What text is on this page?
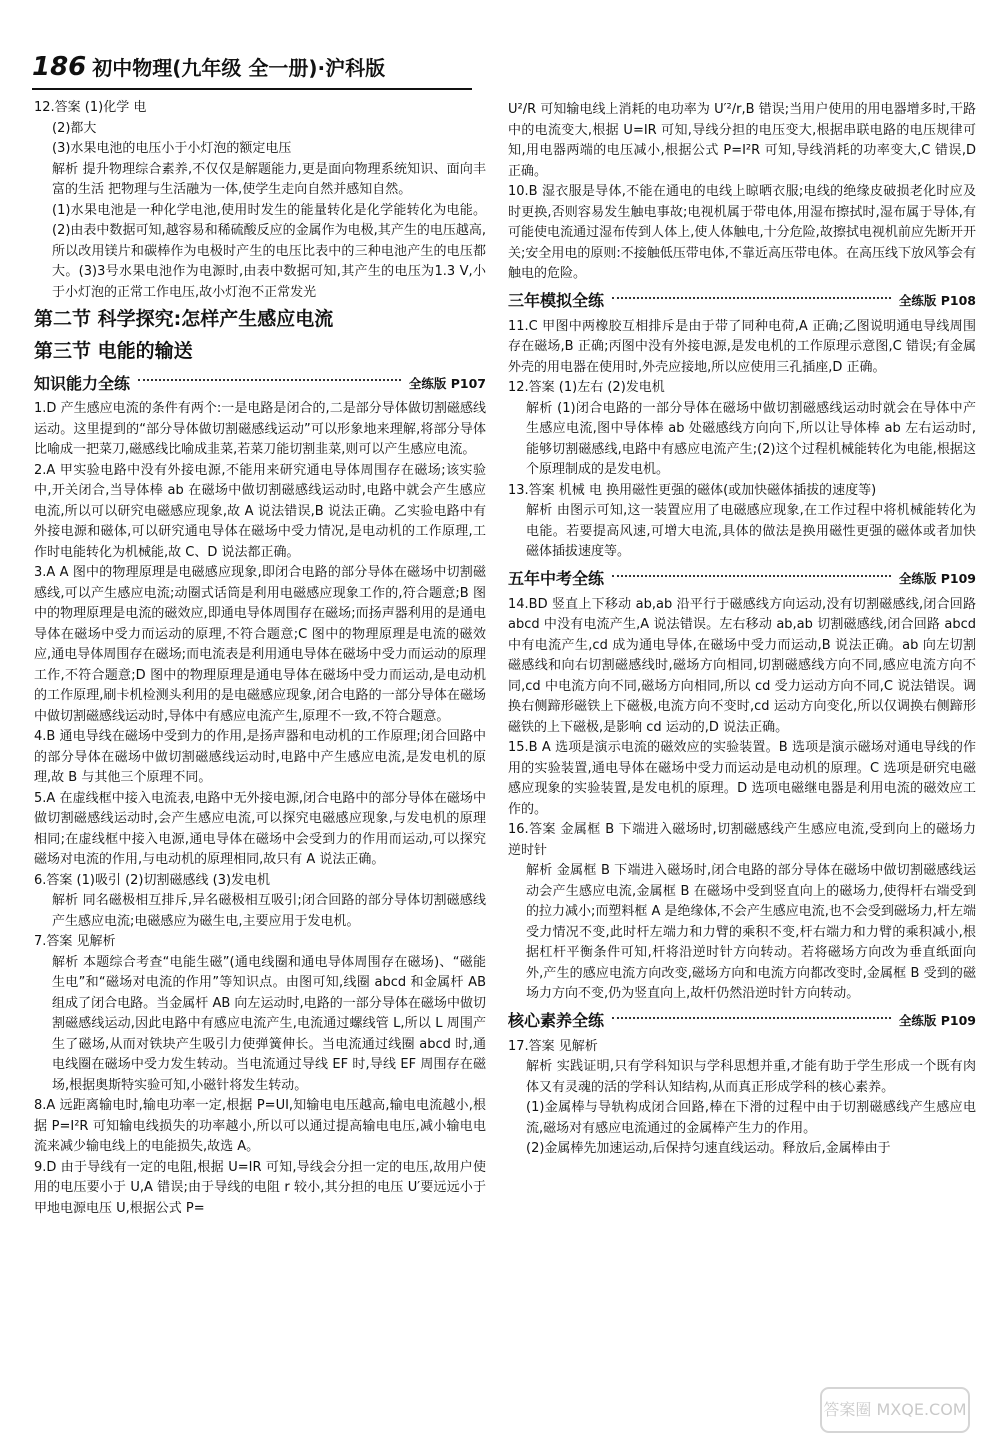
186 初中物理(九年级 全一册)·沪科版

12.答案 (1)化学 电

(2)都大

(3)水果电池的电压小于小灯泡的额定电压

解析 提升物理综合素养,不仅仅是解题能力,更是面向物理系统知识、面向丰富的生活 把物理与生活融为一体,使学生走向自然并感知自然。

(1)水果电池是一种化学电池,使用时发生的能量转化是化学能转化为电能。(2)由表中数据可知,越容易和稀硫酸反应的金属作为电极,其产生的电压越高,所以改用镁片和碳棒作为电极时产生的电压比表中的三种电池产生的电压都大。(3)3号水果电池作为电源时,由表中数据可知,其产生的电压为1.3 V,小于小灯泡的正常工作电压,故小灯泡不正常发光

第二节 科学探究:怎样产生感应电流

第三节 电能的输送

知识能力全练	全练版 P107

1.D 产生感应电流的条件有两个:一是电路是闭合的,二是部分导体做切割磁感线运动。这里提到的“部分导体做切割磁感线运动”可以形象地来理解,将部分导体比喻成一把菜刀,磁感线比喻成韭菜,若菜刀能切割韭菜,则可以产生感应电流。

2.A 甲实验电路中没有外接电源,不能用来研究通电导体周围存在磁场;该实验中,开关闭合,当导体棒 ab 在磁场中做切割磁感线运动时,电路中就会产生感应电流,所以可以研究电磁感应现象,故 A 说法错误,B 说法正确。乙实验电路中有外接电源和磁体,可以研究通电导体在磁场中受力情况,是电动机的工作原理,工作时电能转化为机械能,故 C、D 说法都正确。

3.A A 图中的物理原理是电磁感应现象,即闭合电路的部分导体在磁场中切割磁感线,可以产生感应电流;动圈式话筒是利用电磁感应现象工作的,符合题意;B 图中的物理原理是电流的磁效应,即通电导体周围存在磁场;而扬声器利用的是通电导体在磁场中受力而运动的原理,不符合题意;C 图中的物理原理是电流的磁效应,通电导体周围存在磁场;而电流表是利用通电导体在磁场中受力而运动的原理工作,不符合题意;D 图中的物理原理是通电导体在磁场中受力而运动,是电动机的工作原理,刷卡机检测头利用的是电磁感应现象,闭合电路的一部分导体在磁场中做切割磁感线运动时,导体中有感应电流产生,原理不一致,不符合题意。

4.B 通电导线在磁场中受到力的作用,是扬声器和电动机的工作原理;闭合回路中的部分导体在磁场中做切割磁感线运动时,电路中产生感应电流,是发电机的原理,故 B 与其他三个原理不同。

5.A 在虚线框中接入电流表,电路中无外接电源,闭合电路中的部分导体在磁场中做切割磁感线运动时,会产生感应电流,可以探究电磁感应现象,与发电机的原理相同;在虚线框中接入电源,通电导体在磁场中会受到力的作用而运动,可以探究磁场对电流的作用,与电动机的原理相同,故只有 A 说法正确。

6.答案 (1)吸引 (2)切割磁感线 (3)发电机

解析 同名磁极相互排斥,异名磁极相互吸引;闭合回路的部分导体切割磁感线产生感应电流;电磁感应为磁生电,主要应用于发电机。

7.答案 见解析

解析 本题综合考查“电能生磁”(通电线圈和通电导体周围存在磁场)、“磁能生电”和“磁场对电流的作用”等知识点。由图可知,线圈 abcd 和金属杆 AB 组成了闭合电路。当金属杆 AB 向左运动时,电路的一部分导体在磁场中做切割磁感线运动,因此电路中有感应电流产生,电流通过螺线管 L,所以 L 周围产生了磁场,从而对铁块产生吸引力使弹簧伸长。当电流通过线圈 abcd 时,通电线圈在磁场中受力发生转动。当电流通过导线 EF 时,导线 EF 周围存在磁场,根据奥斯特实验可知,小磁针将发生转动。

8.A 远距离输电时,输电功率一定,根据 P=UI,知输电电压越高,输电电流越小,根据 P=I²R 可知输电线损失的功率越小,所以可以通过提高输电电压,减小输电电流来减少输电线上的电能损失,故选 A。

9.D 由于导线有一定的电阻,根据 U=IR 可知,导线会分担一定的电压,故用户使用的电压要小于 U,A 错误;由于导线的电阻 r 较小,其分担的电压 U′要远远小于甲地电源电压 U,根据公式 P=

U²/R 可知输电线上消耗的电功率为 U′²/r,B 错误;当用户使用的用电器增多时,干路中的电流变大,根据 U=IR 可知,导线分担的电压变大,根据串联电路的电压规律可知,用电器两端的电压减小,根据公式 P=I²R 可知,导线消耗的功率变大,C 错误,D 正确。

10.B 湿衣服是导体,不能在通电的电线上晾晒衣服;电线的绝缘皮破损老化时应及时更换,否则容易发生触电事故;电视机属于带电体,用湿布擦拭时,湿布属于导体,有可能使电流通过湿布传到人体上,使人体触电,十分危险,故擦拭电视机前应先断开开关;安全用电的原则:不接触低压带电体,不靠近高压带电体。在高压线下放风筝会有触电的危险。

三年模拟全练	全练版 P108

11.C 甲图中两橡胶互相排斥是由于带了同种电荷,A 正确;乙图说明通电导线周围存在磁场,B 正确;丙图中没有外接电源,是发电机的工作原理示意图,C 错误;有金属外壳的用电器在使用时,外壳应接地,所以应使用三孔插座,D 正确。

12.答案 (1)左右 (2)发电机

解析 (1)闭合电路的一部分导体在磁场中做切割磁感线运动时就会在导体中产生感应电流,图中导体棒 ab 处磁感线方向向下,所以让导体棒 ab 左右运动时,能够切割磁感线,电路中有感应电流产生;(2)这个过程机械能转化为电能,根据这个原理制成的是发电机。

13.答案 机械 电 换用磁性更强的磁体(或加快磁体插拔的速度等)

解析 由图示可知,这一装置应用了电磁感应现象,在工作过程中将机械能转化为电能。若要提高风速,可增大电流,具体的做法是换用磁性更强的磁体或者加快磁体插拔速度等。

五年中考全练	全练版 P109

14.BD 竖直上下移动 ab,ab 沿平行于磁感线方向运动,没有切割磁感线,闭合回路 abcd 中没有电流产生,A 说法错误。左右移动 ab,ab 切割磁感线,闭合回路 abcd 中有电流产生,cd 成为通电导体,在磁场中受力而运动,B 说法正确。ab 向左切割磁感线和向右切割磁感线时,磁场方向相同,切割磁感线方向不同,感应电流方向不同,cd 中电流方向不同,磁场方向相同,所以 cd 受力运动方向不同,C 说法错误。调换右侧蹄形磁铁上下磁极,电流方向不变时,cd 运动方向变化,所以仅调换右侧蹄形磁铁的上下磁极,是影响 cd 运动的,D 说法正确。

15.B A 选项是演示电流的磁效应的实验装置。B 选项是演示磁场对通电导线的作用的实验装置,通电导体在磁场中受力而运动是电动机的原理。C 选项是研究电磁感应现象的实验装置,是发电机的原理。D 选项电磁继电器是利用电流的磁效应工作的。

16.答案 金属框 B 下端进入磁场时,切割磁感线产生感应电流,受到向上的磁场力 逆时针

解析 金属框 B 下端进入磁场时,闭合电路的部分导体在磁场中做切割磁感线运动会产生感应电流,金属框 B 在磁场中受到竖直向上的磁场力,使得杆右端受到的拉力减小;而塑料框 A 是绝缘体,不会产生感应电流,也不会受到磁场力,杆左端受力情况不变,此时杆左端力和力臂的乘积不变,杆右端力和力臂的乘积减小,根据杠杆平衡条件可知,杆将沿逆时针方向转动。若将磁场方向改为垂直纸面向外,产生的感应电流方向改变,磁场方向和电流方向都改变时,金属框 B 受到的磁场力方向不变,仍为竖直向上,故杆仍然沿逆时针方向转动。

核心素养全练	全练版 P109

17.答案 见解析

解析 实践证明,只有学科知识与学科思想并重,才能有助于学生形成一个既有肉体又有灵魂的活的学科认知结构,从而真正形成学科的核心素养。

(1)金属棒与导轨构成闭合回路,棒在下滑的过程中由于切割磁感线产生感应电流,磁场对有感应电流通过的金属棒产生力的作用。

(2)金属棒先加速运动,后保持匀速直线运动。释放后,金属棒由于

答案圈 MXQE.COM
